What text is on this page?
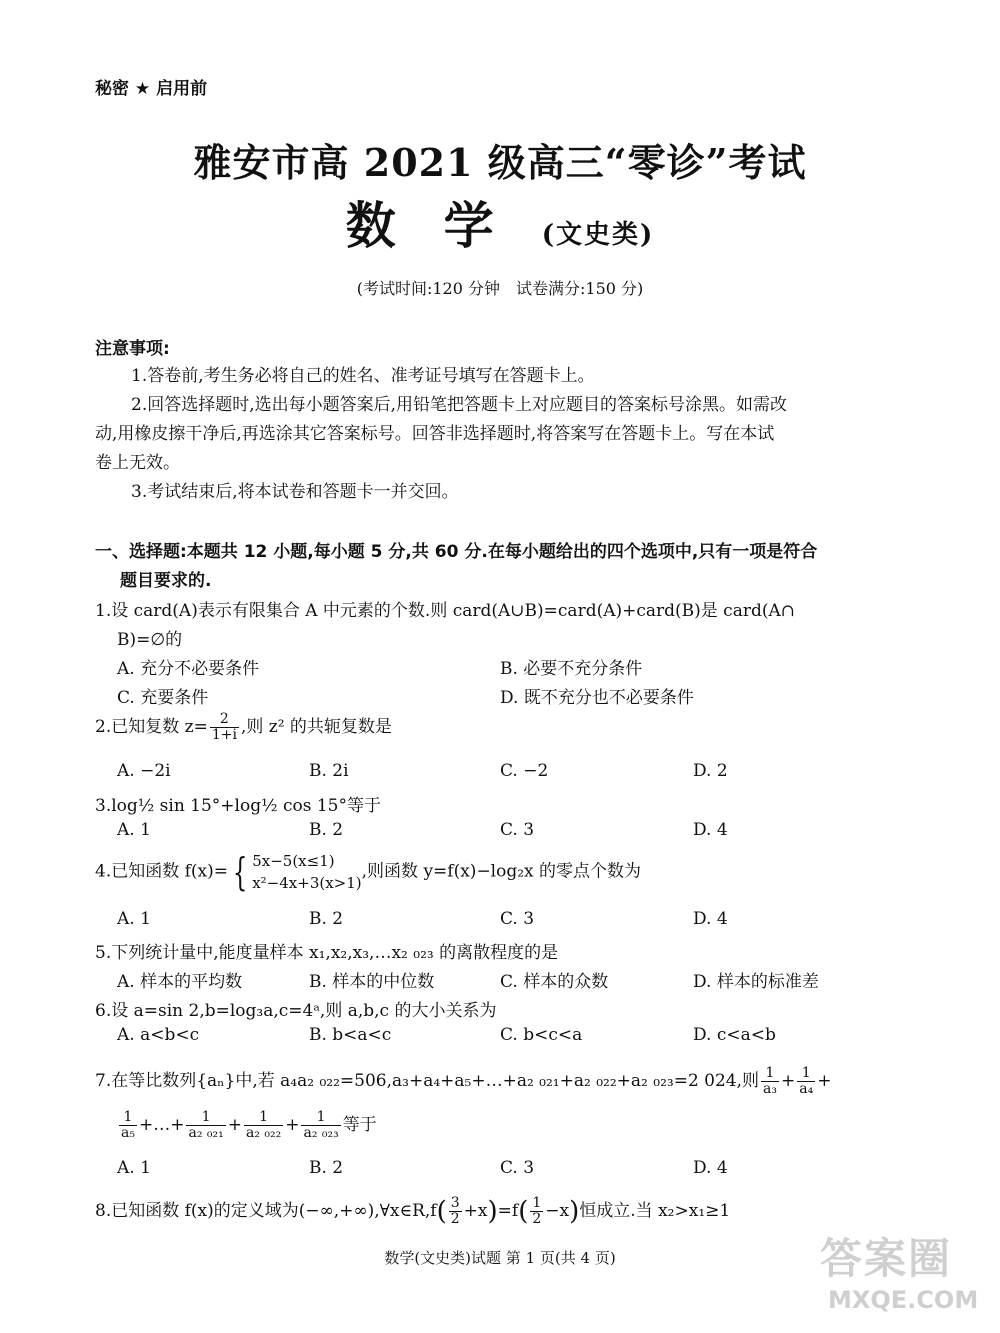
秘密 ★ 启用前
雅安市高 2021 级高三“零诊”考试
数学(文史类)
(考试时间:120 分钟　试卷满分:150 分)
注意事项:
1.答卷前,考生务必将自己的姓名、准考证号填写在答题卡上。
2.回答选择题时,选出每小题答案后,用铅笔把答题卡上对应题目的答案标号涂黑。如需改
动,用橡皮擦干净后,再选涂其它答案标号。回答非选择题时,将答案写在答题卡上。写在本试
卷上无效。
3.考试结束后,将本试卷和答题卡一并交回。
一、选择题:本题共 12 小题,每小题 5 分,共 60 分.在每小题给出的四个选项中,只有一项是符合
题目要求的.
1.设 card(A)表示有限集合 A 中元素的个数.则 card(A∪B)=card(A)+card(B)是 card(A∩
B)=∅的
A. 充分不必要条件	B. 必要不充分条件
C. 充要条件	D. 既不充分也不必要条件
2.已知复数 $z= \frac{2}{1+i}$ ,则 z² 的共轭复数是
A. −2i	B. 2i	C. −2	D. 2
3.log½ sin 15°+log½ cos 15°等于
A. 1	B. 2	C. 3	D. 4
4.已知函数 f(x)= { 5x−5(x≤1)
x²−4x+3(x>1)
,则函数 y=f(x)−log₂x 的零点个数为
A. 1	B. 2	C. 3	D. 4
5.下列统计量中,能度量样本 x₁,x₂,x₃,…x₂ ₀₂₃ 的离散程度的是
A. 样本的平均数	B. 样本的中位数	C. 样本的众数	D. 样本的标准差
6.设 a=sin 2,b=log₃a,c=4ᵃ,则 a,b,c 的大小关系为
A. a<b<c	B. b<a<c	C. b<c<a	D. c<a<b
7.在等比数列{aₙ}中,若 a₄a₂ ₀₂₂=506,a₃+a₄+a₅+…+a₂ ₀₂₁+a₂ ₀₂₂+a₂ ₀₂₃=2 024,则 $\frac{1}{\text{a₃}} + \frac{1}{\text{a₄}}$ +
$\frac{1}{\text{a₅}}$ +…+ $\frac{1}{\text{a₂ ₀₂₁}} + \frac{1}{\text{a₂ ₀₂₂}} + \frac{1}{\text{a₂ ₀₂₃}}$ 等于
A. 1	B. 2	C. 3	D. 4
8.已知函数 f(x)的定义域为(−∞,+∞),∀x∈R,f( $\frac{3}{2} +x)=f( \frac{1}{2} -x)$恒成立.当 x₂>x₁≥1
数学(文史类)试题 第 1 页(共 4 页)	答案圈
MXQE.COM
